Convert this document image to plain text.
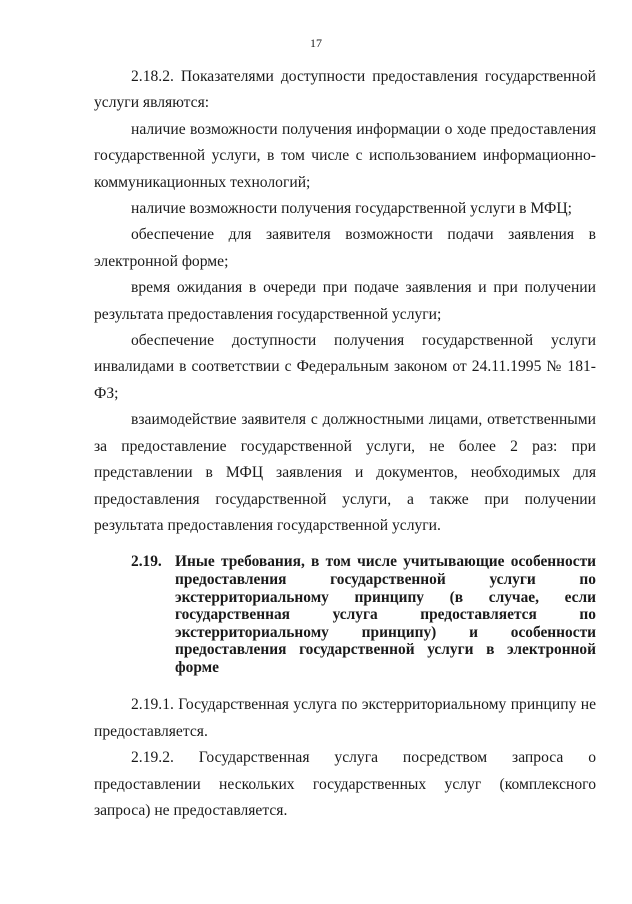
17

2.18.2. Показателями доступности предоставления государственной услуги являются:

наличие возможности получения информации о ходе предоставления государственной услуги, в том числе с использованием информационно-коммуникационных технологий;

наличие возможности получения государственной услуги в МФЦ;

обеспечение для заявителя возможности подачи заявления в электронной форме;

время ожидания в очереди при подаче заявления и при получении результата предоставления государственной услуги;

обеспечение доступности получения государственной услуги инвалидами в соответствии с Федеральным законом от 24.11.1995 № 181-ФЗ;

взаимодействие заявителя с должностными лицами, ответственными за предоставление государственной услуги, не более 2 раз: при представлении в МФЦ заявления и документов, необходимых для предоставления государственной услуги, а также при получении результата предоставления государственной услуги.

2.19. Иные требования, в том числе учитывающие особенности предоставления государственной услуги по экстерриториальному принципу (в случае, если государственная услуга предоставляется по экстерриториальному принципу) и особенности предоставления государственной услуги в электронной форме

2.19.1. Государственная услуга по экстерриториальному принципу не предоставляется.

2.19.2. Государственная услуга посредством запроса о предоставлении нескольких государственных услуг (комплексного запроса) не предоставляется.
